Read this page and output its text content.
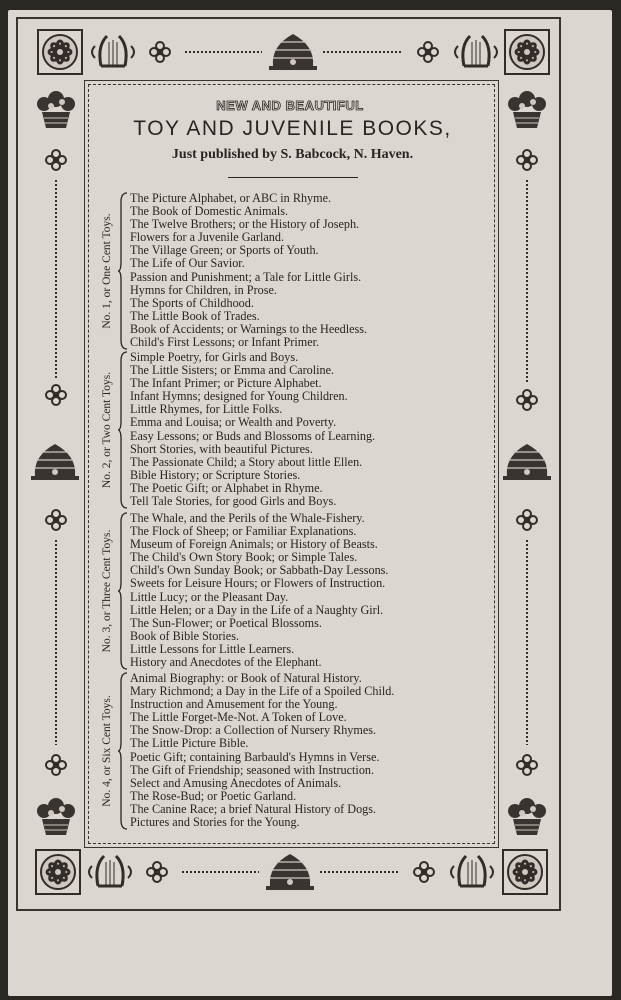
NEW AND BEAUTIFUL
TOY AND JUVENILE BOOKS,
Just published by S. Babcock, N. Haven.
No. 1, or One Cent Toys.
The Picture Alphabet, or ABC in Rhyme.
The Book of Domestic Animals.
The Twelve Brothers; or the History of Joseph.
Flowers for a Juvenile Garland.
The Village Green; or Sports of Youth.
The Life of Our Savior.
Passion and Punishment; a Tale for Little Girls.
Hymns for Children, in Prose.
The Sports of Childhood.
The Little Book of Trades.
Book of Accidents; or Warnings to the Heedless.
Child's First Lessons; or Infant Primer.
No. 2, or Two Cent Toys.
Simple Poetry, for Girls and Boys.
The Little Sisters; or Emma and Caroline.
The Infant Primer; or Picture Alphabet.
Infant Hymns; designed for Young Children.
Little Rhymes, for Little Folks.
Emma and Louisa; or Wealth and Poverty.
Easy Lessons; or Buds and Blossoms of Learning.
Short Stories, with beautiful Pictures.
The Passionate Child; a Story about little Ellen.
Bible History; or Scripture Stories.
The Poetic Gift; or Alphabet in Rhyme.
Tell Tale Stories, for good Girls and Boys.
No. 3, or Three Cent Toys.
The Whale, and the Perils of the Whale-Fishery.
The Flock of Sheep; or Familiar Explanations.
Museum of Foreign Animals; or History of Beasts.
The Child's Own Story Book; or Simple Tales.
Child's Own Sunday Book; or Sabbath-Day Lessons.
Sweets for Leisure Hours; or Flowers of Instruction.
Little Lucy; or the Pleasant Day.
Little Helen; or a Day in the Life of a Naughty Girl.
The Sun-Flower; or Poetical Blossoms.
Book of Bible Stories.
Little Lessons for Little Learners.
History and Anecdotes of the Elephant.
No. 4, or Six Cent Toys.
Animal Biography: or Book of Natural History.
Mary Richmond; a Day in the Life of a Spoiled Child.
Instruction and Amusement for the Young.
The Little Forget-Me-Not. A Token of Love.
The Snow-Drop: a Collection of Nursery Rhymes.
The Little Picture Bible.
Poetic Gift; containing Barbauld's Hymns in Verse.
The Gift of Friendship; seasoned with Instruction.
Select and Amusing Anecdotes of Animals.
The Rose-Bud; or Poetic Garland.
The Canine Race; a brief Natural History of Dogs.
Pictures and Stories for the Young.
